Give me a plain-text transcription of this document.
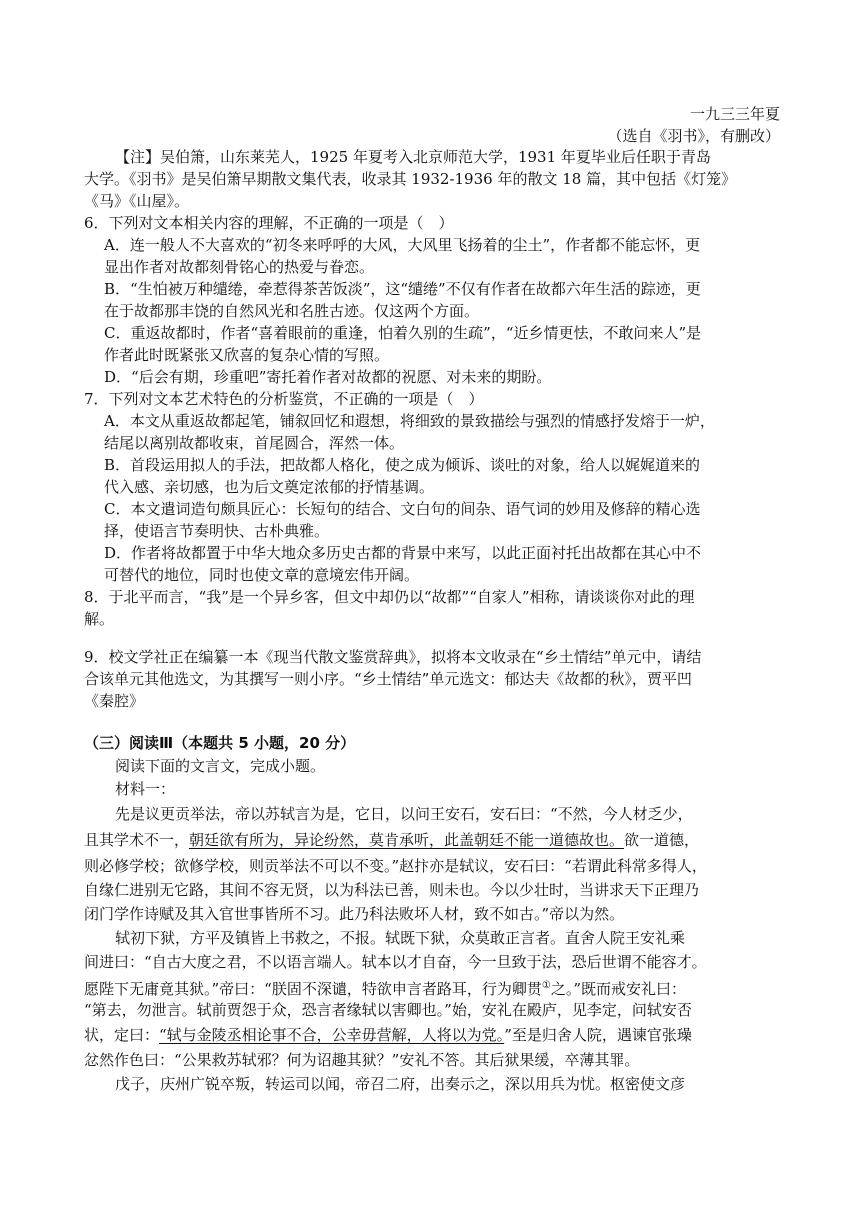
一九三三年夏
（选自《羽书》，有删改）
【注】吴伯箫，山东莱芜人，1925 年夏考入北京师范大学，1931 年夏毕业后任职于青岛
大学。《羽书》是吴伯箫早期散文集代表，收录其 1932-1936 年的散文 18 篇，其中包括《灯笼》
《马》《山屋》。
6．下列对文本相关内容的理解，不正确的一项是（　）
A．连一般人不大喜欢的“初冬来呼呼的大风，大风里飞扬着的尘土”，作者都不能忘怀，更
显出作者对故都刻骨铭心的热爱与眷恋。
B．“生怕被万种缱绻，牵惹得茶苦饭淡”，这“缱绻”不仅有作者在故都六年生活的踪迹，更
在于故都那丰饶的自然风光和名胜古迹。仅这两个方面。
C．重返故都时，作者“喜着眼前的重逢，怕着久别的生疏”，“近乡情更怯，不敢问来人”是
作者此时既紧张又欣喜的复杂心情的写照。
D．“后会有期，珍重吧”寄托着作者对故都的祝愿、对未来的期盼。
7．下列对文本艺术特色的分析鉴赏，不正确的一项是（　）
A．本文从重返故都起笔，铺叙回忆和遐想，将细致的景致描绘与强烈的情感抒发熔于一炉，
结尾以离别故都收束，首尾圆合，浑然一体。
B．首段运用拟人的手法，把故都人格化，使之成为倾诉、谈吐的对象，给人以娓娓道来的
代入感、亲切感，也为后文奠定浓郁的抒情基调。
C．本文遣词造句颇具匠心：长短句的结合、文白句的间杂、语气词的妙用及修辞的精心选
择，使语言节奏明快、古朴典雅。
D．作者将故都置于中华大地众多历史古都的背景中来写，以此正面衬托出故都在其心中不
可替代的地位，同时也使文章的意境宏伟开阔。
8．于北平而言，“我”是一个异乡客，但文中却仍以“故都”“自家人”相称，请谈谈你对此的理
解。
9．校文学社正在编纂一本《现当代散文鉴赏辞典》，拟将本文收录在“乡土情结”单元中，请结
合该单元其他选文，为其撰写一则小序。“乡土情结”单元选文：郁达夫《故都的秋》，贾平凹
《秦腔》
（三）阅读Ⅲ（本题共 5 小题，20 分）
阅读下面的文言文，完成小题。
材料一：
先是议更贡举法，帝以苏轼言为是，它日，以问王安石，安石曰：“不然，今人材乏少，
且其学术不一，朝廷欲有所为，异论纷然，莫肯承听，此盖朝廷不能一道德故也。欲一道德，
则必修学校；欲修学校，则贡举法不可以不变。”赵抃亦是轼议，安石曰：“若谓此科常多得人，
自缘仁进别无它路，其间不容无贤，以为科法已善，则未也。今以少壮时，当讲求天下正理乃
闭门学作诗赋及其入官世事皆所不习。此乃科法败坏人材，致不如古。”帝以为然。
轼初下狱，方平及镇皆上书救之，不报。轼既下狱，众莫敢正言者。直舍人院王安礼乘
间进曰：“自古大度之君，不以语言端人。轼本以才自奋，今一旦致于法，恐后世谓不能容才。
愿陛下无庸竟其狱。”帝曰：“朕固不深谴，特欲申言者路耳，行为卿贯①之。”既而戒安礼曰：
“第去，勿泄言。轼前贾怨于众，恐言者缘轼以害卿也。”始，安礼在殿庐，见李定，问轼安否
状，定曰：“轼与金陵丞相论事不合，公幸毋营解，人将以为党。”至是归舍人院，遇谏官张璪
忿然作色曰：“公果救苏轼邪？何为诏趣其狱？”安礼不答。其后狱果缓，卒薄其罪。
戊子，庆州广锐卒叛，转运司以闻，帝召二府，出奏示之，深以用兵为忧。枢密使文彦
